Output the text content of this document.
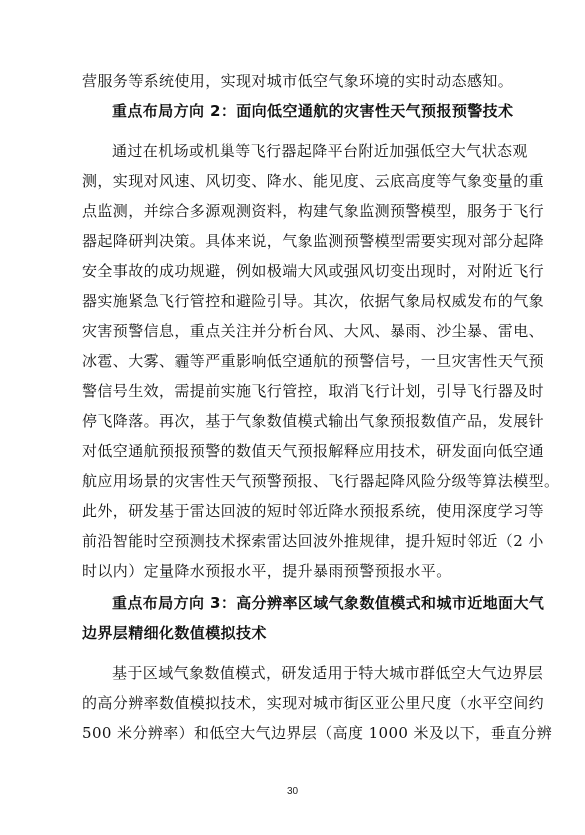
营服务等系统使用，实现对城市低空气象环境的实时动态感知。
重点布局方向 2：面向低空通航的灾害性天气预报预警技术
通过在机场或机巢等飞行器起降平台附近加强低空大气状态观
测，实现对风速、风切变、降水、能见度、云底高度等气象变量的重
点监测，并综合多源观测资料，构建气象监测预警模型，服务于飞行
器起降研判决策。具体来说，气象监测预警模型需要实现对部分起降
安全事故的成功规避，例如极端大风或强风切变出现时，对附近飞行
器实施紧急飞行管控和避险引导。其次，依据气象局权威发布的气象
灾害预警信息，重点关注并分析台风、大风、暴雨、沙尘暴、雷电、
冰雹、大雾、霾等严重影响低空通航的预警信号，一旦灾害性天气预
警信号生效，需提前实施飞行管控，取消飞行计划，引导飞行器及时
停飞降落。再次，基于气象数值模式输出气象预报数值产品，发展针
对低空通航预报预警的数值天气预报解释应用技术，研发面向低空通
航应用场景的灾害性天气预警预报、飞行器起降风险分级等算法模型。
此外，研发基于雷达回波的短时邻近降水预报系统，使用深度学习等
前沿智能时空预测技术探索雷达回波外推规律，提升短时邻近（2 小
时以内）定量降水预报水平，提升暴雨预警预报水平。
重点布局方向 3：高分辨率区域气象数值模式和城市近地面大气
边界层精细化数值模拟技术
基于区域气象数值模式，研发适用于特大城市群低空大气边界层
的高分辨率数值模拟技术，实现对城市街区亚公里尺度（水平空间约
500 米分辨率）和低空大气边界层（高度 1000 米及以下，垂直分辨
30
